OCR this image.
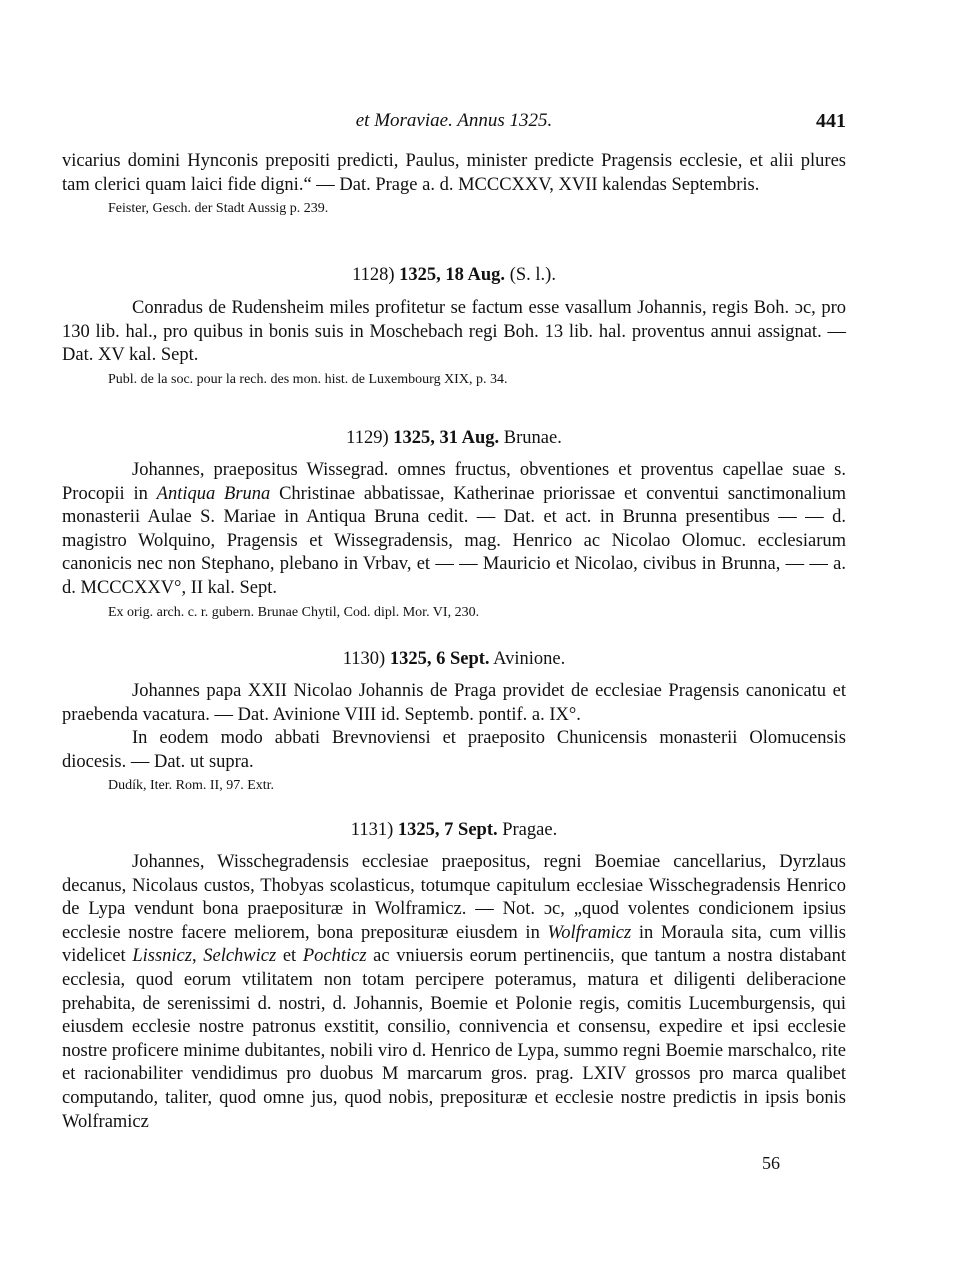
et Moraviae. Annus 1325.	441

vicarius domini Hynconis prepositi predicti, Paulus, minister predicte Pragensis ecclesie, et alii plures tam clerici quam laici fide digni.“ — Dat. Prage a. d. MCCCXXV, XVII kalendas Septembris.

Feister, Gesch. der Stadt Aussig p. 239.

1128) 1325, 18 Aug. (S. l.).

Conradus de Rudensheim miles profitetur se factum esse vasallum Johannis, regis Boh. ɔc, pro 130 lib. hal., pro quibus in bonis suis in Moschebach regi Boh. 13 lib. hal. proventus annui assignat. — Dat. XV kal. Sept.

Publ. de la soc. pour la rech. des mon. hist. de Luxembourg XIX, p. 34.

1129) 1325, 31 Aug. Brunae.

Johannes, praepositus Wissegrad. omnes fructus, obventiones et proventus capellae suae s. Procopii in Antiqua Bruna Christinae abbatissae, Katherinae priorissae et conventui sanctimonalium monasterii Aulae S. Mariae in Antiqua Bruna cedit. — Dat. et act. in Brunna presentibus — — d. magistro Wolquino, Pragensis et Wissegradensis, mag. Henrico ac Nicolao Olomuc. ecclesiarum canonicis nec non Stephano, plebano in Vrbav, et — — Mauricio et Nicolao, civibus in Brunna, — — a. d. MCCCXXV°, II kal. Sept.

Ex orig. arch. c. r. gubern. Brunae Chytil, Cod. dipl. Mor. VI, 230.

1130) 1325, 6 Sept. Avinione.

Johannes papa XXII Nicolao Johannis de Praga providet de ecclesiae Pragensis canonicatu et praebenda vacatura. — Dat. Avinione VIII id. Septemb. pontif. a. IX°.

In eodem modo abbati Brevnoviensi et praeposito Chunicensis monasterii Olomucensis diocesis. — Dat. ut supra.

Dudík, Iter. Rom. II, 97. Extr.

1131) 1325, 7 Sept. Pragae.

Johannes, Wisschegradensis ecclesiae praepositus, regni Boemiae cancellarius, Dyrzlaus decanus, Nicolaus custos, Thobyas scolasticus, totumque capitulum ecclesiae Wisschegradensis Henrico de Lypa vendunt bona praeposituræ in Wolframicz. — Not. ɔc, „quod volentes condicionem ipsius ecclesie nostre facere meliorem, bona preposituræ eiusdem in Wolframicz in Moraula sita, cum villis videlicet Lissnicz, Selchwicz et Pochticz ac vniuersis eorum pertinenciis, que tantum a nostra distabant ecclesia, quod eorum vtilitatem non totam percipere poteramus, matura et diligenti deliberacione prehabita, de serenissimi d. nostri, d. Johannis, Boemie et Polonie regis, comitis Lucemburgensis, qui eiusdem ecclesie nostre patronus exstitit, consilio, connivencia et consensu, expedire et ipsi ecclesie nostre proficere minime dubitantes, nobili viro d. Henrico de Lypa, summo regni Boemie marschalco, rite et racionabiliter vendidimus pro duobus M marcarum gros. prag. LXIV grossos pro marca qualibet computando, taliter, quod omne jus, quod nobis, preposituræ et ecclesie nostre predictis in ipsis bonis Wolframicz

56
